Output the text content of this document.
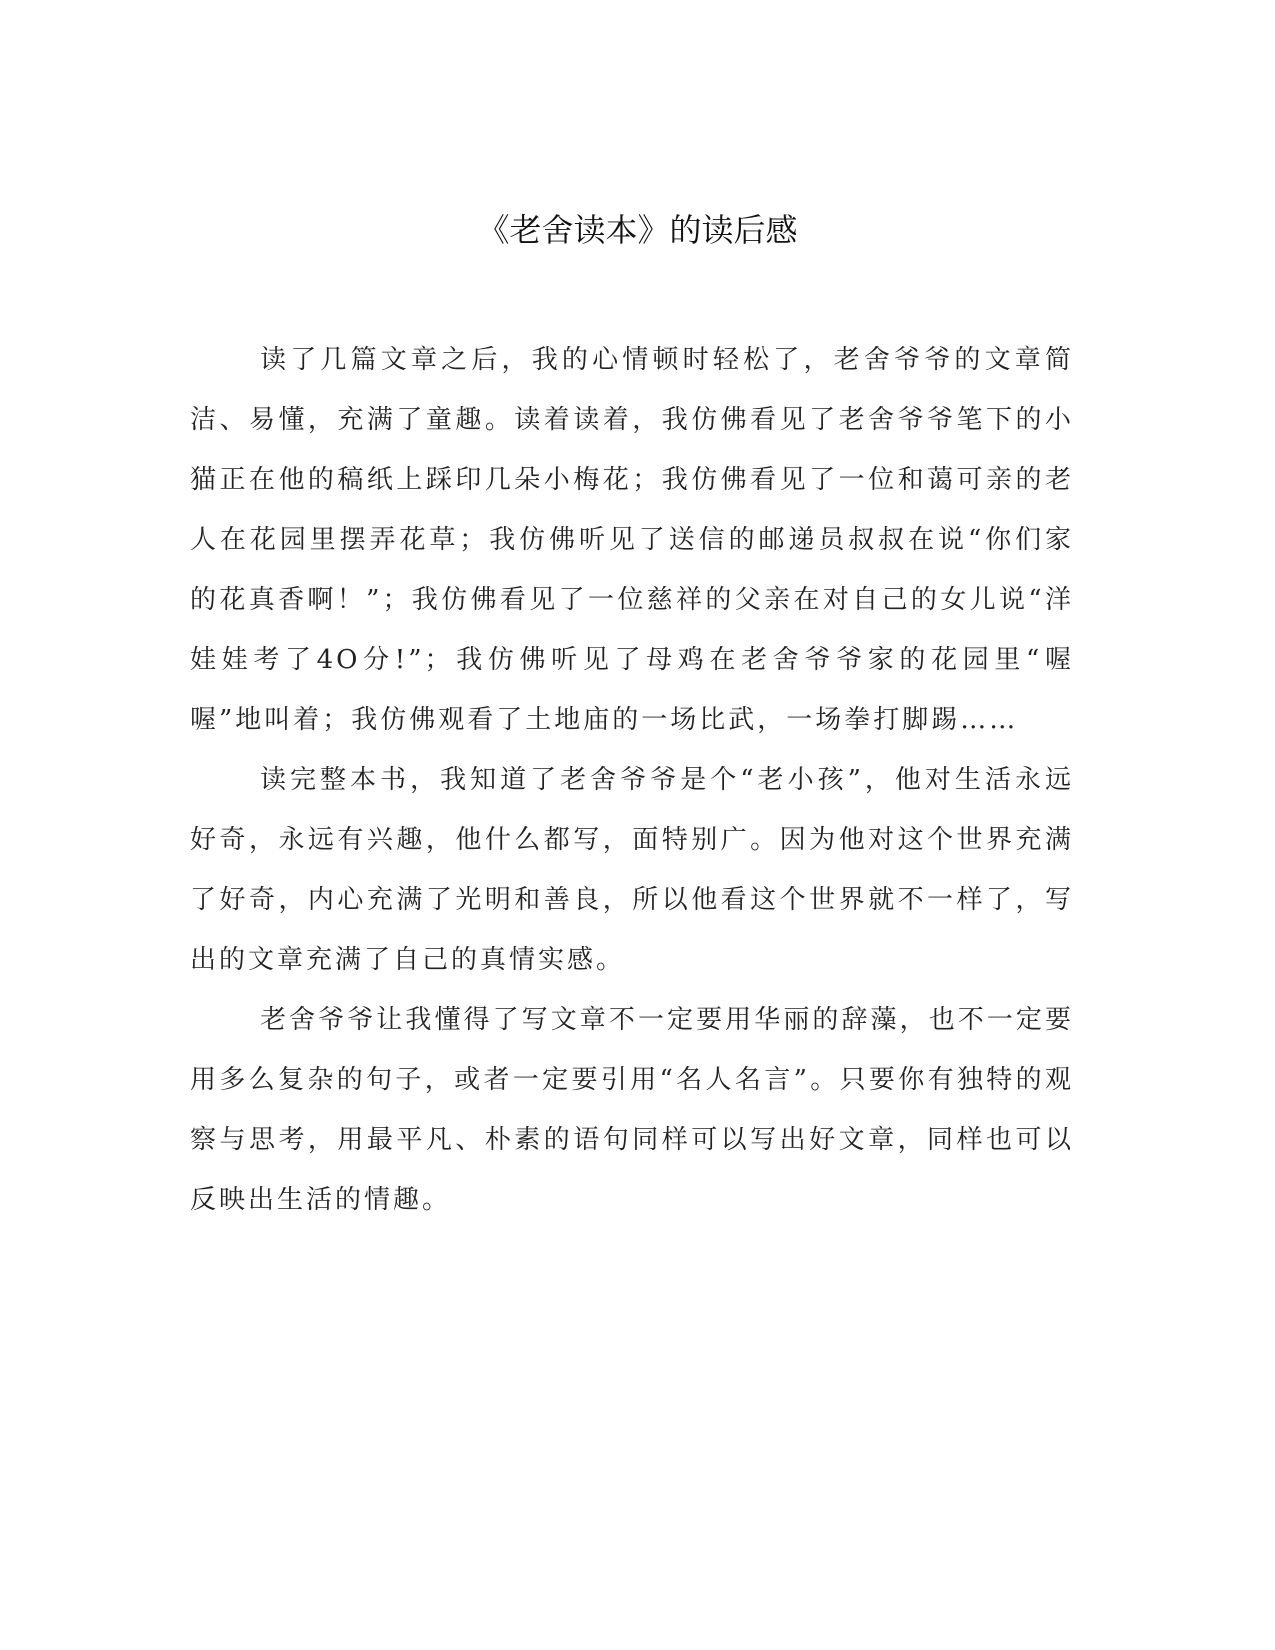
《老舍读本》的读后感

读了几篇文章之后，我的心情顿时轻松了，老舍爷爷的文章简洁、易懂，充满了童趣。读着读着，我仿佛看见了老舍爷爷笔下的小猫正在他的稿纸上踩印几朵小梅花；我仿佛看见了一位和蔼可亲的老人在花园里摆弄花草；我仿佛听见了送信的邮递员叔叔在说“你们家的花真香啊！”；我仿佛看见了一位慈祥的父亲在对自己的女儿说“洋娃娃考了4O分!”；我仿佛听见了母鸡在老舍爷爷家的花园里“喔喔”地叫着；我仿佛观看了土地庙的一场比武，一场拳打脚踢……

读完整本书，我知道了老舍爷爷是个“老小孩”，他对生活永远好奇，永远有兴趣，他什么都写，面特别广。因为他对这个世界充满了好奇，内心充满了光明和善良，所以他看这个世界就不一样了，写出的文章充满了自己的真情实感。

老舍爷爷让我懂得了写文章不一定要用华丽的辞藻，也不一定要用多么复杂的句子，或者一定要引用“名人名言”。只要你有独特的观察与思考，用最平凡、朴素的语句同样可以写出好文章，同样也可以反映出生活的情趣。
